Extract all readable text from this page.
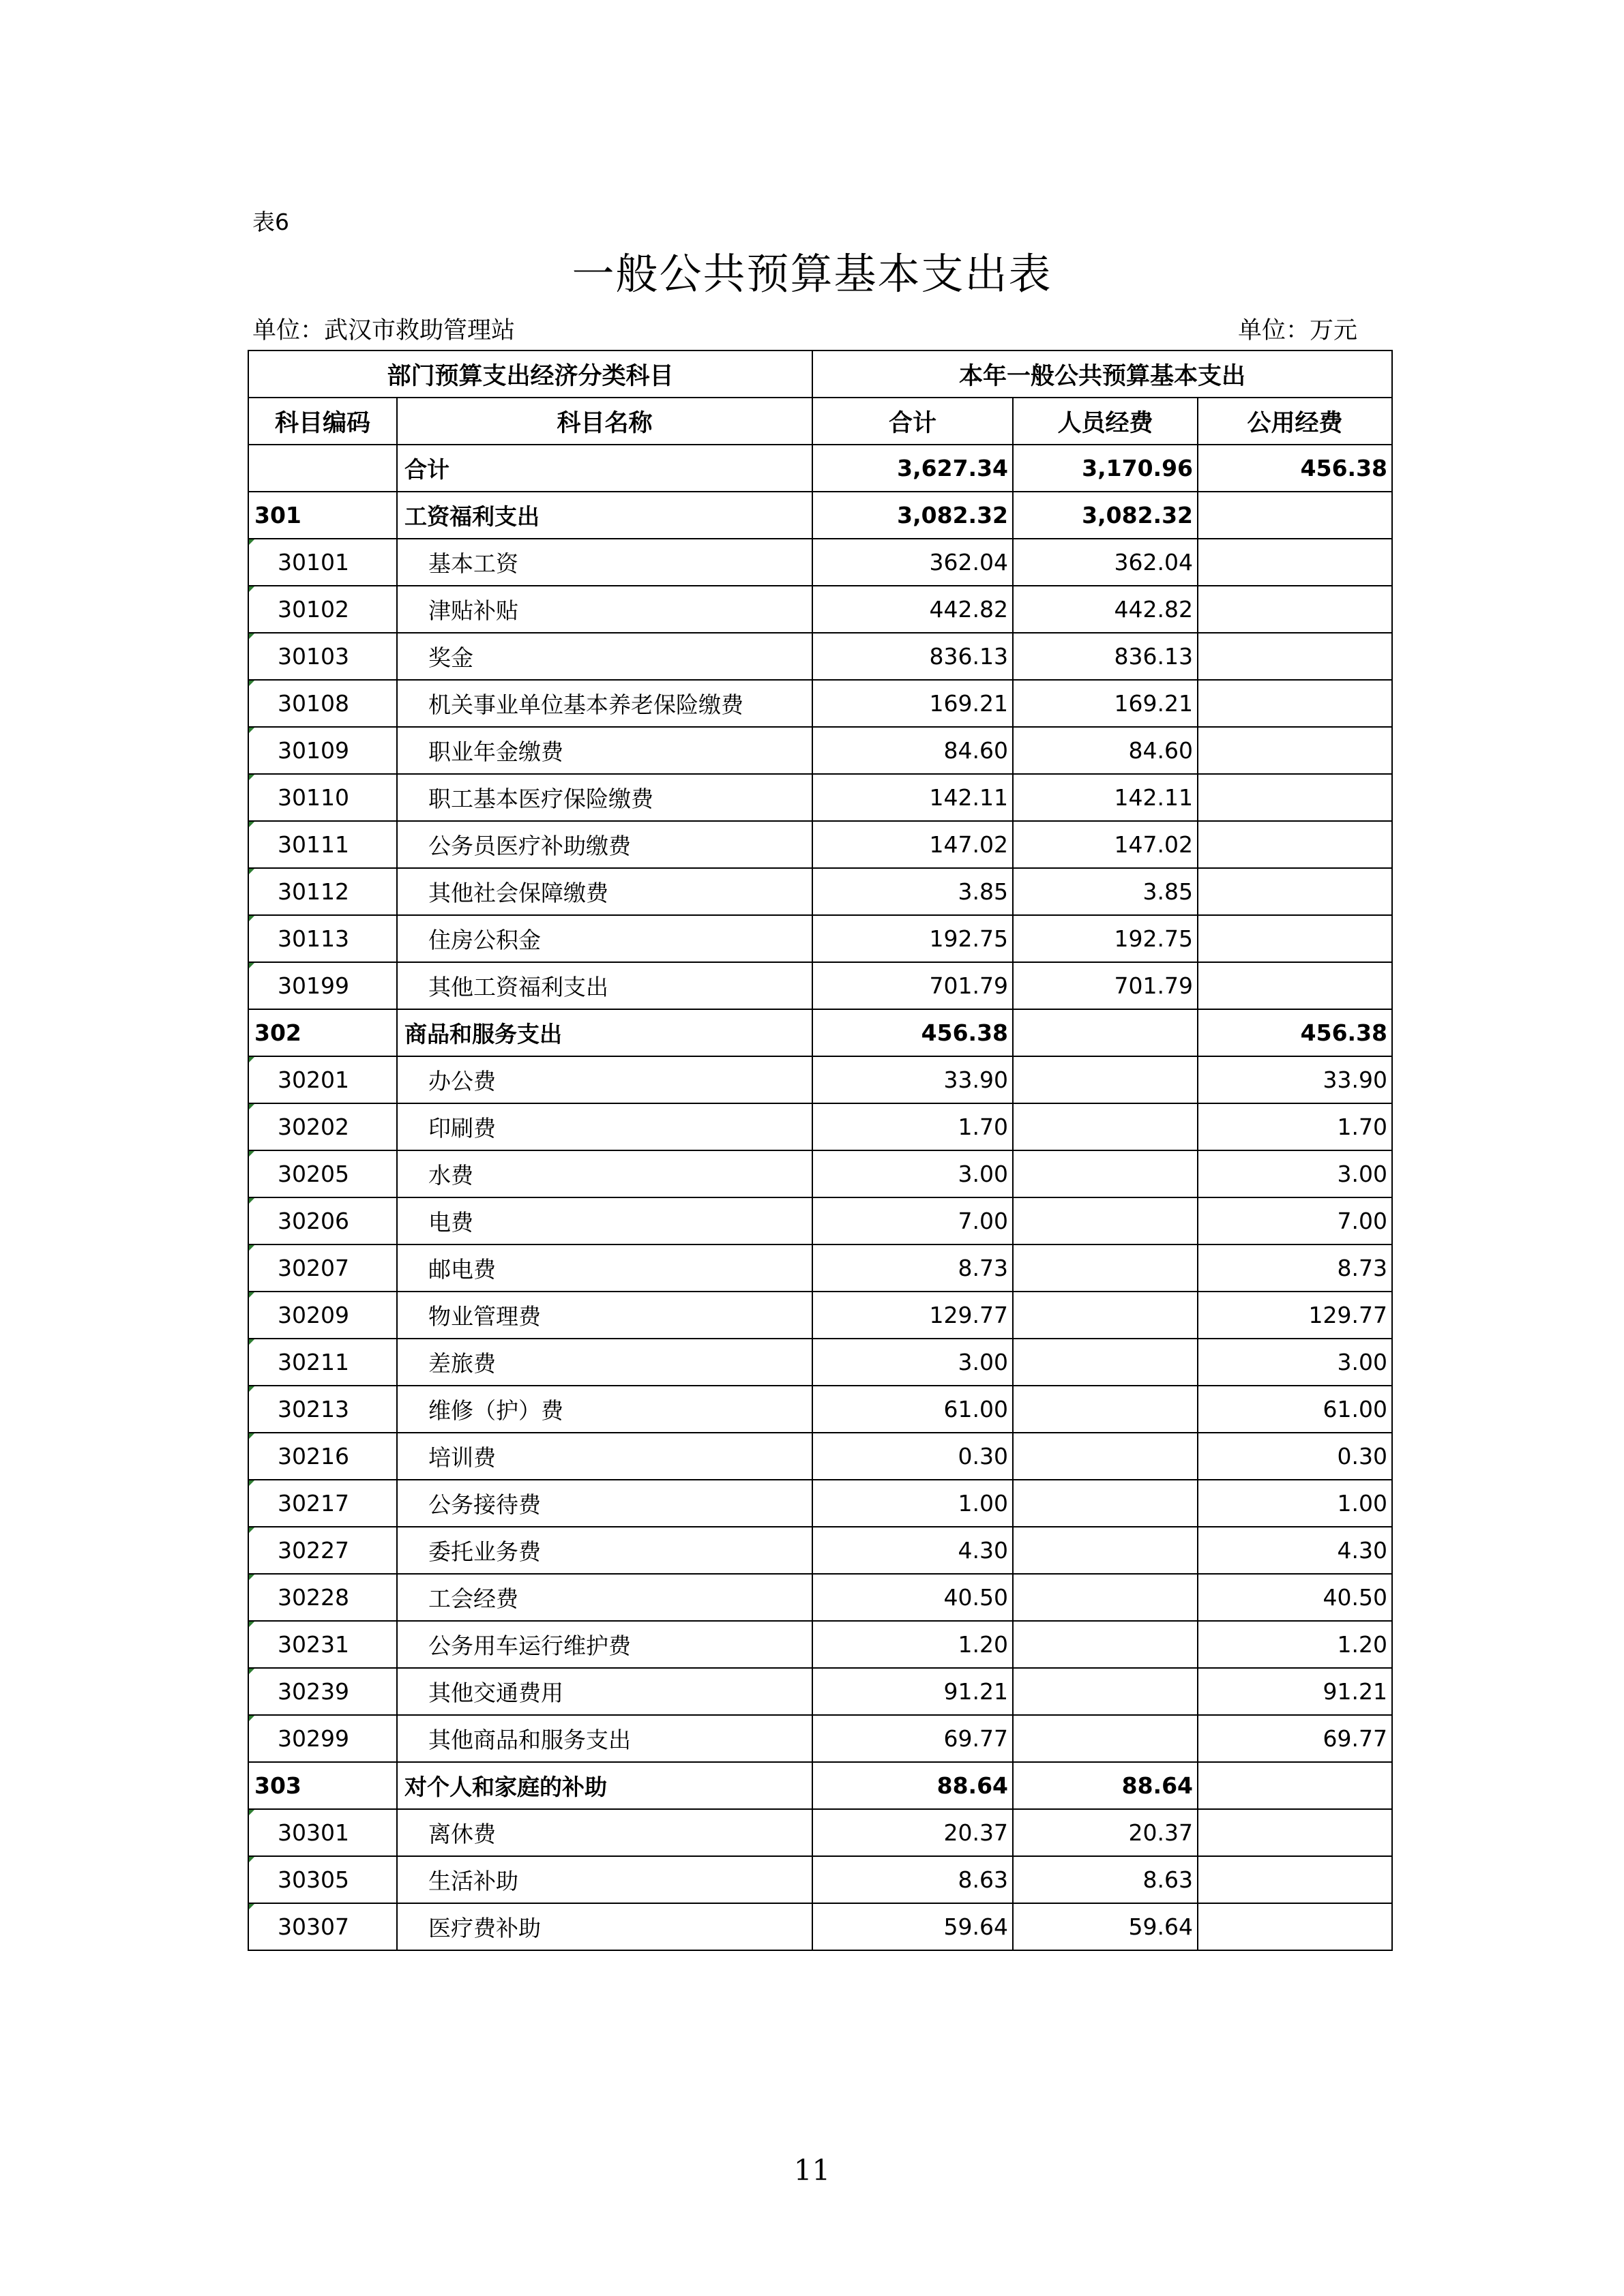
表6
一般公共预算基本支出表
单位：武汉市救助管理站	单位：万元
部门预算支出经济分类科目		本年一般公共预算基本支出		
科目编码	科目名称	合计	人员经费	公用经费
	合计	3,627.34	3,170.96	456.38
301	工资福利支出	3,082.32	3,082.32	

30101	基本工资	362.04	362.04	

30102	津贴补贴	442.82	442.82	

30103	奖金	836.13	836.13	

30108	机关事业单位基本养老保险缴费	169.21	169.21	

30109	职业年金缴费	84.60	84.60	

30110	职工基本医疗保险缴费	142.11	142.11	

30111	公务员医疗补助缴费	147.02	147.02	

30112	其他社会保障缴费	3.85	3.85	

30113	住房公积金	192.75	192.75	

30199	其他工资福利支出	701.79	701.79	
302	商品和服务支出	456.38		456.38

30201	办公费	33.90		33.90

30202	印刷费	1.70		1.70

30205	水费	3.00		3.00

30206	电费	7.00		7.00

30207	邮电费	8.73		8.73

30209	物业管理费	129.77		129.77

30211	差旅费	3.00		3.00

30213	维修（护）费	61.00		61.00

30216	培训费	0.30		0.30

30217	公务接待费	1.00		1.00

30227	委托业务费	4.30		4.30

30228	工会经费	40.50		40.50

30231	公务用车运行维护费	1.20		1.20

30239	其他交通费用	91.21		91.21

30299	其他商品和服务支出	69.77		69.77
303	对个人和家庭的补助	88.64	88.64	

30301	离休费	20.37	20.37	

30305	生活补助	8.63	8.63	

30307	医疗费补助	59.64	59.64	
11
